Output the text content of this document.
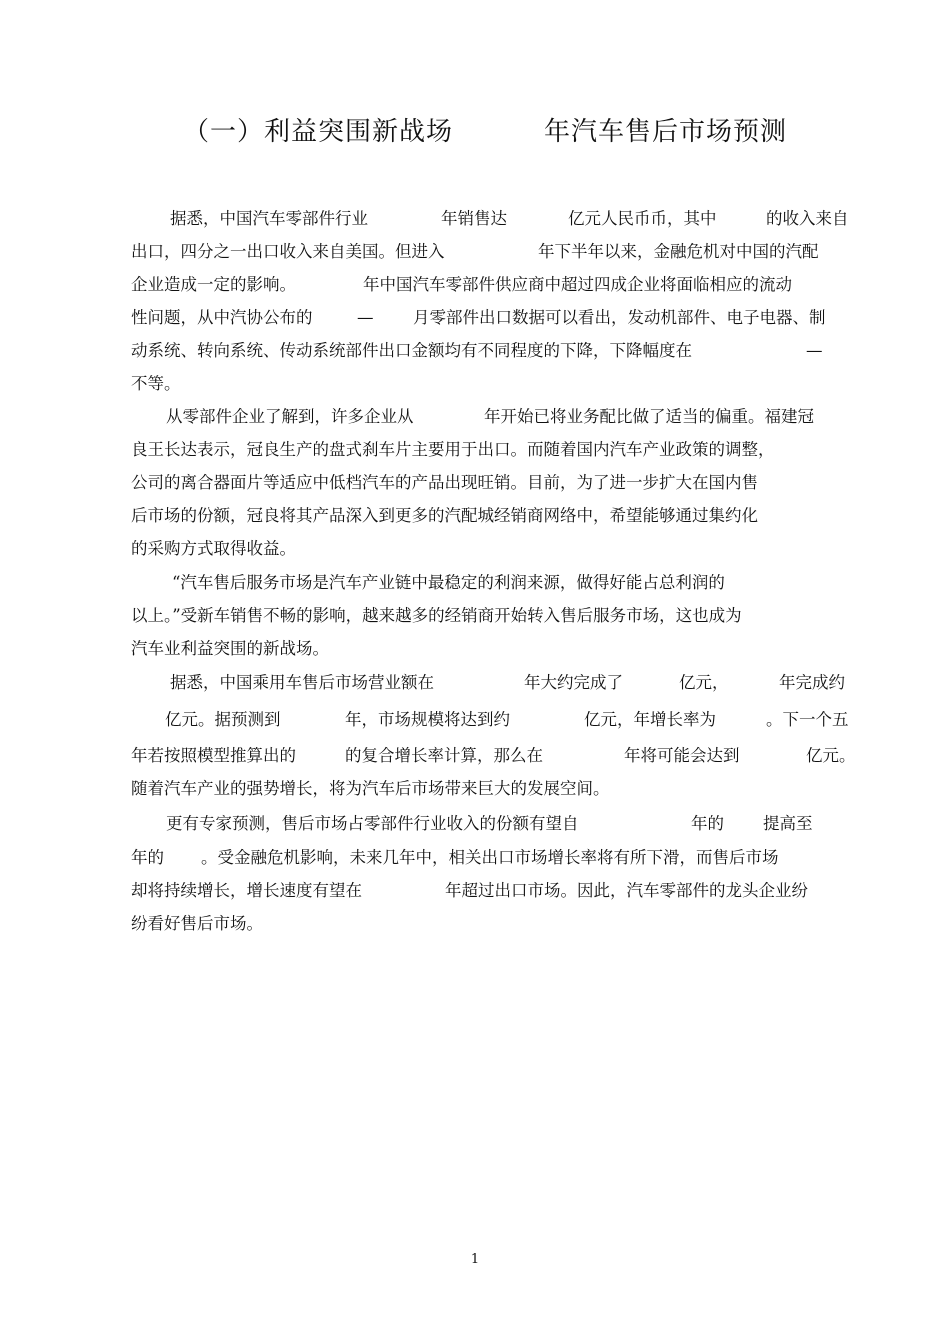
（一）利益突围新战场	年汽车售后市场预测
据悉，中国汽车零部件行业	年销售达	亿元人民币币，其中	的收入来自
出口，四分之一出口收入来自美国。但进入	年下半年以来，金融危机对中国的汽配
企业造成一定的影响。	年中国汽车零部件供应商中超过四成企业将面临相应的流动
性问题，从中汽协公布的	— 月零部件出口数据可以看出，发动机部件、电子电器、制
动系统、转向系统、传动系统部件出口金额均有不同程度的下降，下降幅度在	—
不等。
从零部件企业了解到，许多企业从	年开始已将业务配比做了适当的偏重。福建冠
良王长达表示，冠良生产的盘式刹车片主要用于出口。而随着国内汽车产业政策的调整，
公司的离合器面片等适应中低档汽车的产品出现旺销。目前，为了进一步扩大在国内售
后市场的份额，冠良将其产品深入到更多的汽配城经销商网络中，希望能够通过集约化
的采购方式取得收益。
“汽车售后服务市场是汽车产业链中最稳定的利润来源，做得好能占总利润的
以上。”受新车销售不畅的影响，越来越多的经销商开始转入售后服务市场，这也成为
汽车业利益突围的新战场。
据悉，中国乘用车售后市场营业额在	年大约完成了	亿元，	年完成约
亿元。据预测到	年，市场规模将达到约	亿元，年增长率为	。下一个五
年若按照模型推算出的	的复合增长率计算，那么在	年将可能会达到	亿元。
随着汽车产业的强势增长，将为汽车后市场带来巨大的发展空间。
更有专家预测，售后市场占零部件行业收入的份额有望自	年的 提高至
年的 。受金融危机影响，未来几年中，相关出口市场增长率将有所下滑，而售后市场
却将持续增长，增长速度有望在	年超过出口市场。因此，汽车零部件的龙头企业纷
纷看好售后市场。
1
